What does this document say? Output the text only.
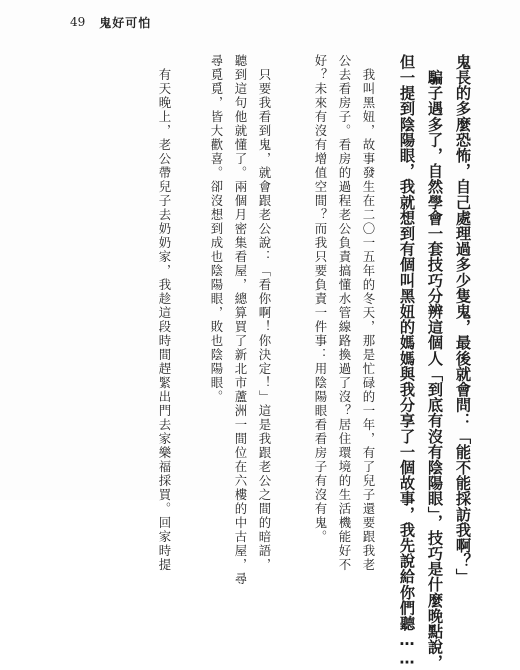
49 鬼好可怕
鬼長的多麼恐怖，自己處理過多少隻鬼，最後就會問：「能不能採訪我啊？」
　騙子遇多了，自然學會一套技巧分辨這個人「到底有沒有陰陽眼」，技巧是什麼晚點說，
但一提到陰陽眼，我就想到有個叫黑妞的媽媽與我分享了一個故事，我先說給你們聽……
　我叫黑妞，故事發生在二〇一五年的冬天，那是忙碌的一年，有了兒子還要跟我老
公去看房子。看房的過程老公負責搞懂水管線路換過了沒？居住環境的生活機能好不
好？未來有沒有增值空間？而我只要負責一件事：用陰陽眼看看房子有沒有鬼。
　只要我看到鬼，就會跟老公說：「看你啊！你決定！」這是我跟老公之間的暗語，
聽到這句他就懂了。兩個月密集看屋，總算買了新北市蘆洲一間位在六樓的中古屋，尋
尋覓覓，皆大歡喜。卻沒想到成也陰陽眼，敗也陰陽眼。
　有天晚上，老公帶兒子去奶奶家，我趁這段時間趕緊出門去家樂福採買。回家時提
